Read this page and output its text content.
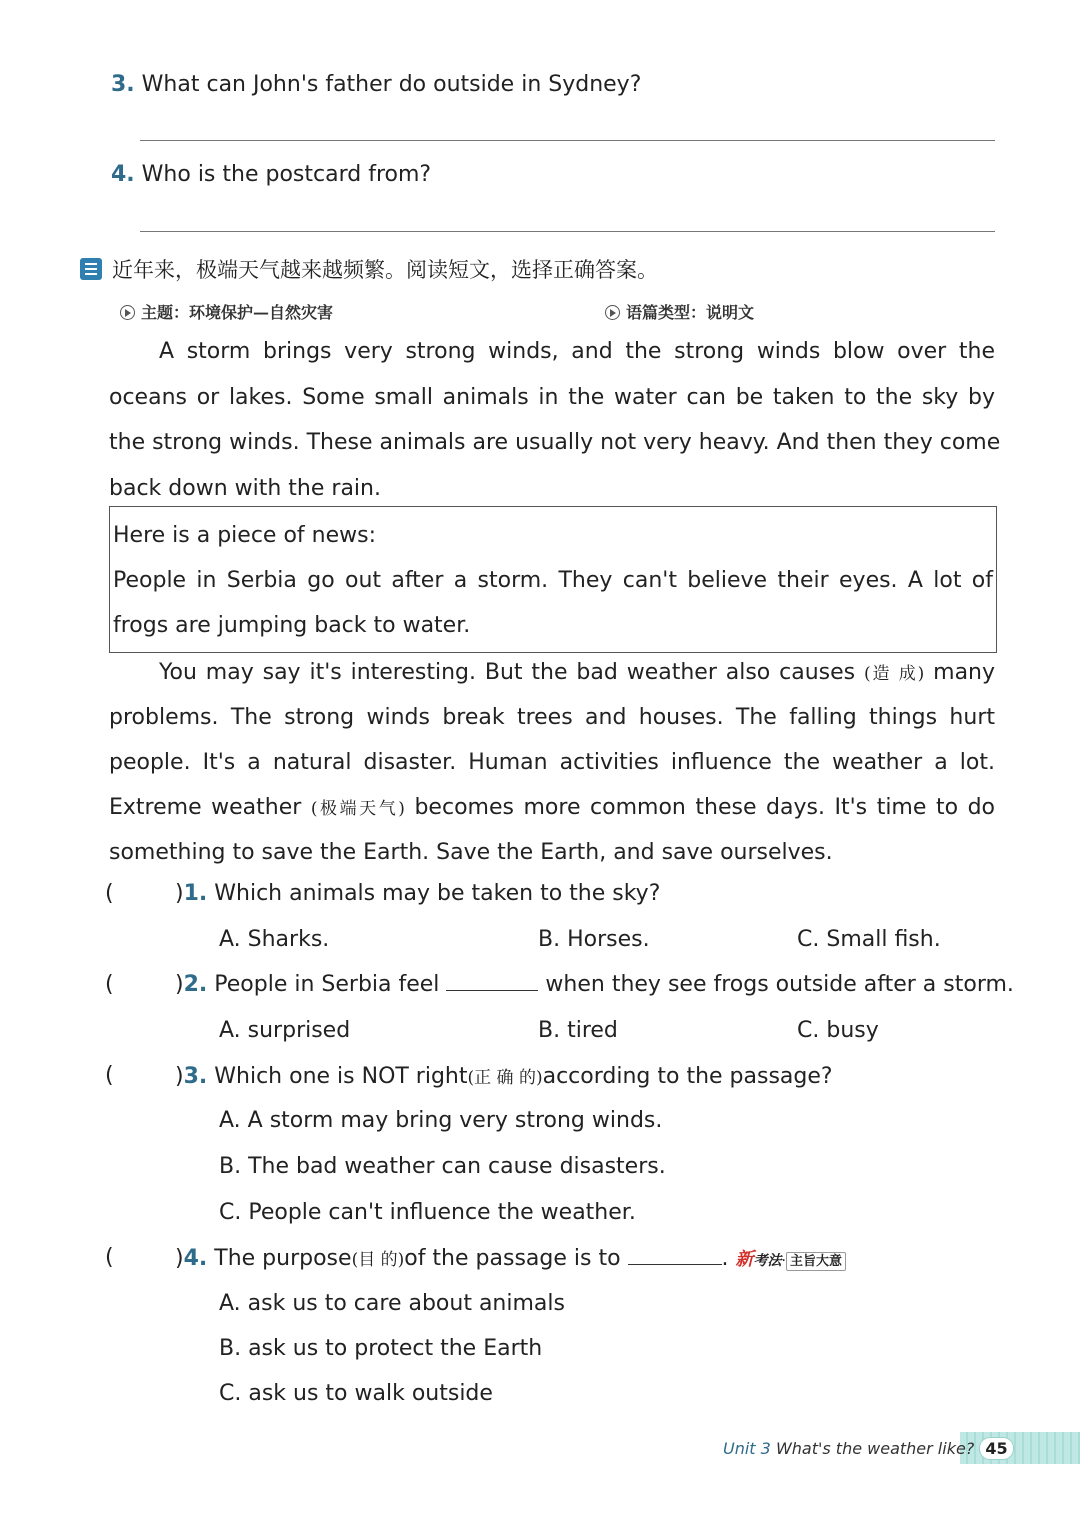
3. What can John's father do outside in Sydney?
4. Who is the postcard from?
近年来，极端天气越来越频繁。阅读短文，选择正确答案。
主题：环境保护—自然灾害	语篇类型：说明文
A storm brings very strong winds, and the strong winds blow over the
oceans or lakes. Some small animals in the water can be taken to the sky by
the strong winds. These animals are usually not very heavy. And then they come
back down with the rain.
Here is a piece of news:
People in Serbia go out after a storm. They can't believe their eyes. A lot of
frogs are jumping back to water.
You may say it's interesting. But the bad weather also causes (造 成) many
problems. The strong winds break trees and houses. The falling things hurt
people. It's a natural disaster. Human activities influence the weather a lot.
Extreme weather (极端天气) becomes more common these days. It's time to do
something to save the Earth. Save the Earth, and save ourselves.
(	)1. Which animals may be taken to the sky?
A. Sharks.	B. Horses.	C. Small fish.
(	)2. People in Serbia feel	when they see frogs outside after a storm.
A. surprised	B. tired	C. busy
(	)3. Which one is NOT right(正 确 的)according to the passage?
A. A storm may bring very strong winds.
B. The bad weather can cause disasters.
C. People can't influence the weather.
(	)4. The purpose(目 的)of the passage is to	. 新考法· 主旨大意
A. ask us to care about animals
B. ask us to protect the Earth
C. ask us to walk outside
Unit 3 What's the weather like? 45
